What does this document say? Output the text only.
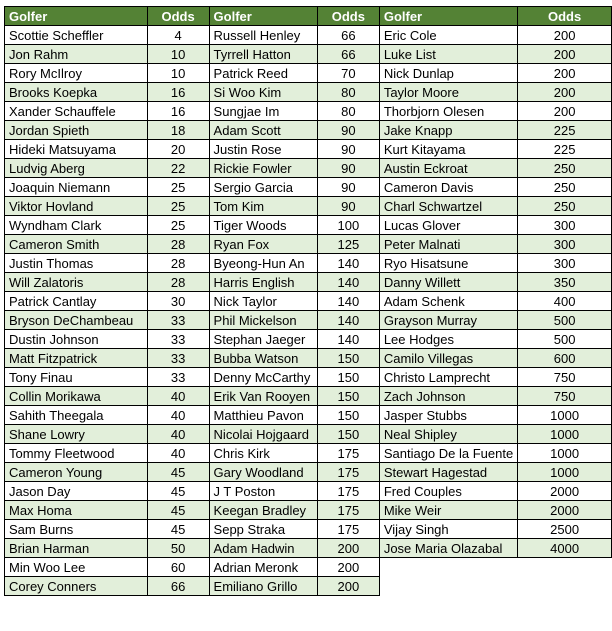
Golfer	Odds	Golfer	Odds	Golfer	Odds
Scottie Scheffler	4	Russell Henley	66	Eric Cole	200
Jon Rahm	10	Tyrrell Hatton	66	Luke List	200
Rory McIlroy	10	Patrick Reed	70	Nick Dunlap	200
Brooks Koepka	16	Si Woo Kim	80	Taylor Moore	200
Xander Schauffele	16	Sungjae Im	80	Thorbjorn Olesen	200
Jordan Spieth	18	Adam Scott	90	Jake Knapp	225
Hideki Matsuyama	20	Justin Rose	90	Kurt Kitayama	225
Ludvig Aberg	22	Rickie Fowler	90	Austin Eckroat	250
Joaquin Niemann	25	Sergio Garcia	90	Cameron Davis	250
Viktor Hovland	25	Tom Kim	90	Charl Schwartzel	250
Wyndham Clark	25	Tiger Woods	100	Lucas Glover	300
Cameron Smith	28	Ryan Fox	125	Peter Malnati	300
Justin Thomas	28	Byeong-Hun An	140	Ryo Hisatsune	300
Will Zalatoris	28	Harris English	140	Danny Willett	350
Patrick Cantlay	30	Nick Taylor	140	Adam Schenk	400
Bryson DeChambeau	33	Phil Mickelson	140	Grayson Murray	500
Dustin Johnson	33	Stephan Jaeger	140	Lee Hodges	500
Matt Fitzpatrick	33	Bubba Watson	150	Camilo Villegas	600
Tony Finau	33	Denny McCarthy	150	Christo Lamprecht	750
Collin Morikawa	40	Erik Van Rooyen	150	Zach Johnson	750
Sahith Theegala	40	Matthieu Pavon	150	Jasper Stubbs	1000
Shane Lowry	40	Nicolai Hojgaard	150	Neal Shipley	1000
Tommy Fleetwood	40	Chris Kirk	175	Santiago De la Fuente	1000
Cameron Young	45	Gary Woodland	175	Stewart Hagestad	1000
Jason Day	45	J T Poston	175	Fred Couples	2000
Max Homa	45	Keegan Bradley	175	Mike Weir	2000
Sam Burns	45	Sepp Straka	175	Vijay Singh	2500
Brian Harman	50	Adam Hadwin	200	Jose Maria Olazabal	4000
Min Woo Lee	60	Adrian Meronk	200		
Corey Conners	66	Emiliano Grillo	200		
